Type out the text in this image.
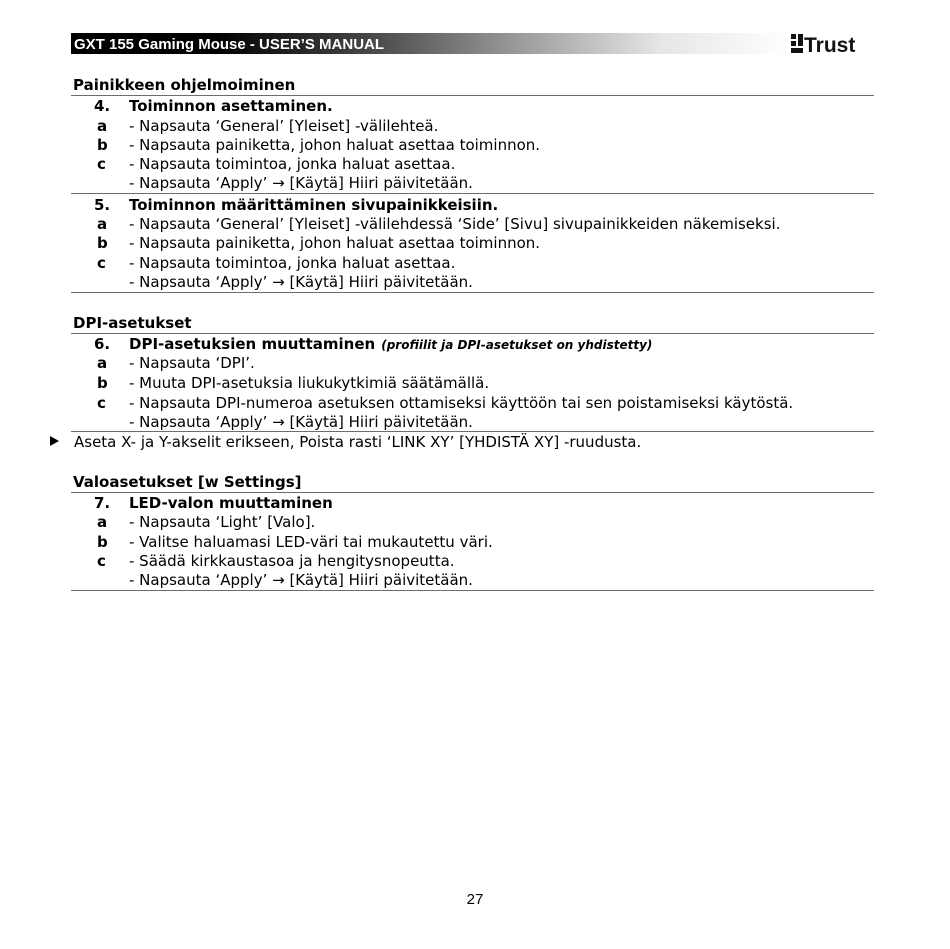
GXT 155 Gaming Mouse - USER’S MANUAL	Trust
Painikkeen ohjelmoiminen
4. Toiminnon asettaminen.
a - Napsauta ‘General’ [Yleiset] -välilehteä.
b - Napsauta painiketta, johon haluat asettaa toiminnon.
c - Napsauta toimintoa, jonka haluat asettaa.
- Napsauta ‘Apply’ → [Käytä] Hiiri päivitetään.
5. Toiminnon määrittäminen sivupainikkeisiin.
a - Napsauta ‘General’ [Yleiset] -välilehdessä ‘Side’ [Sivu] sivupainikkeiden näkemiseksi.
b - Napsauta painiketta, johon haluat asettaa toiminnon.
c - Napsauta toimintoa, jonka haluat asettaa.
- Napsauta ‘Apply’ → [Käytä] Hiiri päivitetään.
DPI-asetukset
6. DPI-asetuksien muuttaminen (profiilit ja DPI-asetukset on yhdistetty)
a - Napsauta ‘DPI’.
b - Muuta DPI-asetuksia liukukytkimiä säätämällä.
c - Napsauta DPI-numeroa asetuksen ottamiseksi käyttöön tai sen poistamiseksi käytöstä.
- Napsauta ‘Apply’ → [Käytä] Hiiri päivitetään.
Aseta X- ja Y-akselit erikseen, Poista rasti ‘LINK XY’ [YHDISTÄ XY] -ruudusta.
Valoasetukset [w Settings]
7. LED-valon muuttaminen
a - Napsauta ‘Light’ [Valo].
b - Valitse haluamasi LED-väri tai mukautettu väri.
c - Säädä kirkkaustasoa ja hengitysnopeutta.
- Napsauta ‘Apply’ → [Käytä] Hiiri päivitetään.
27
